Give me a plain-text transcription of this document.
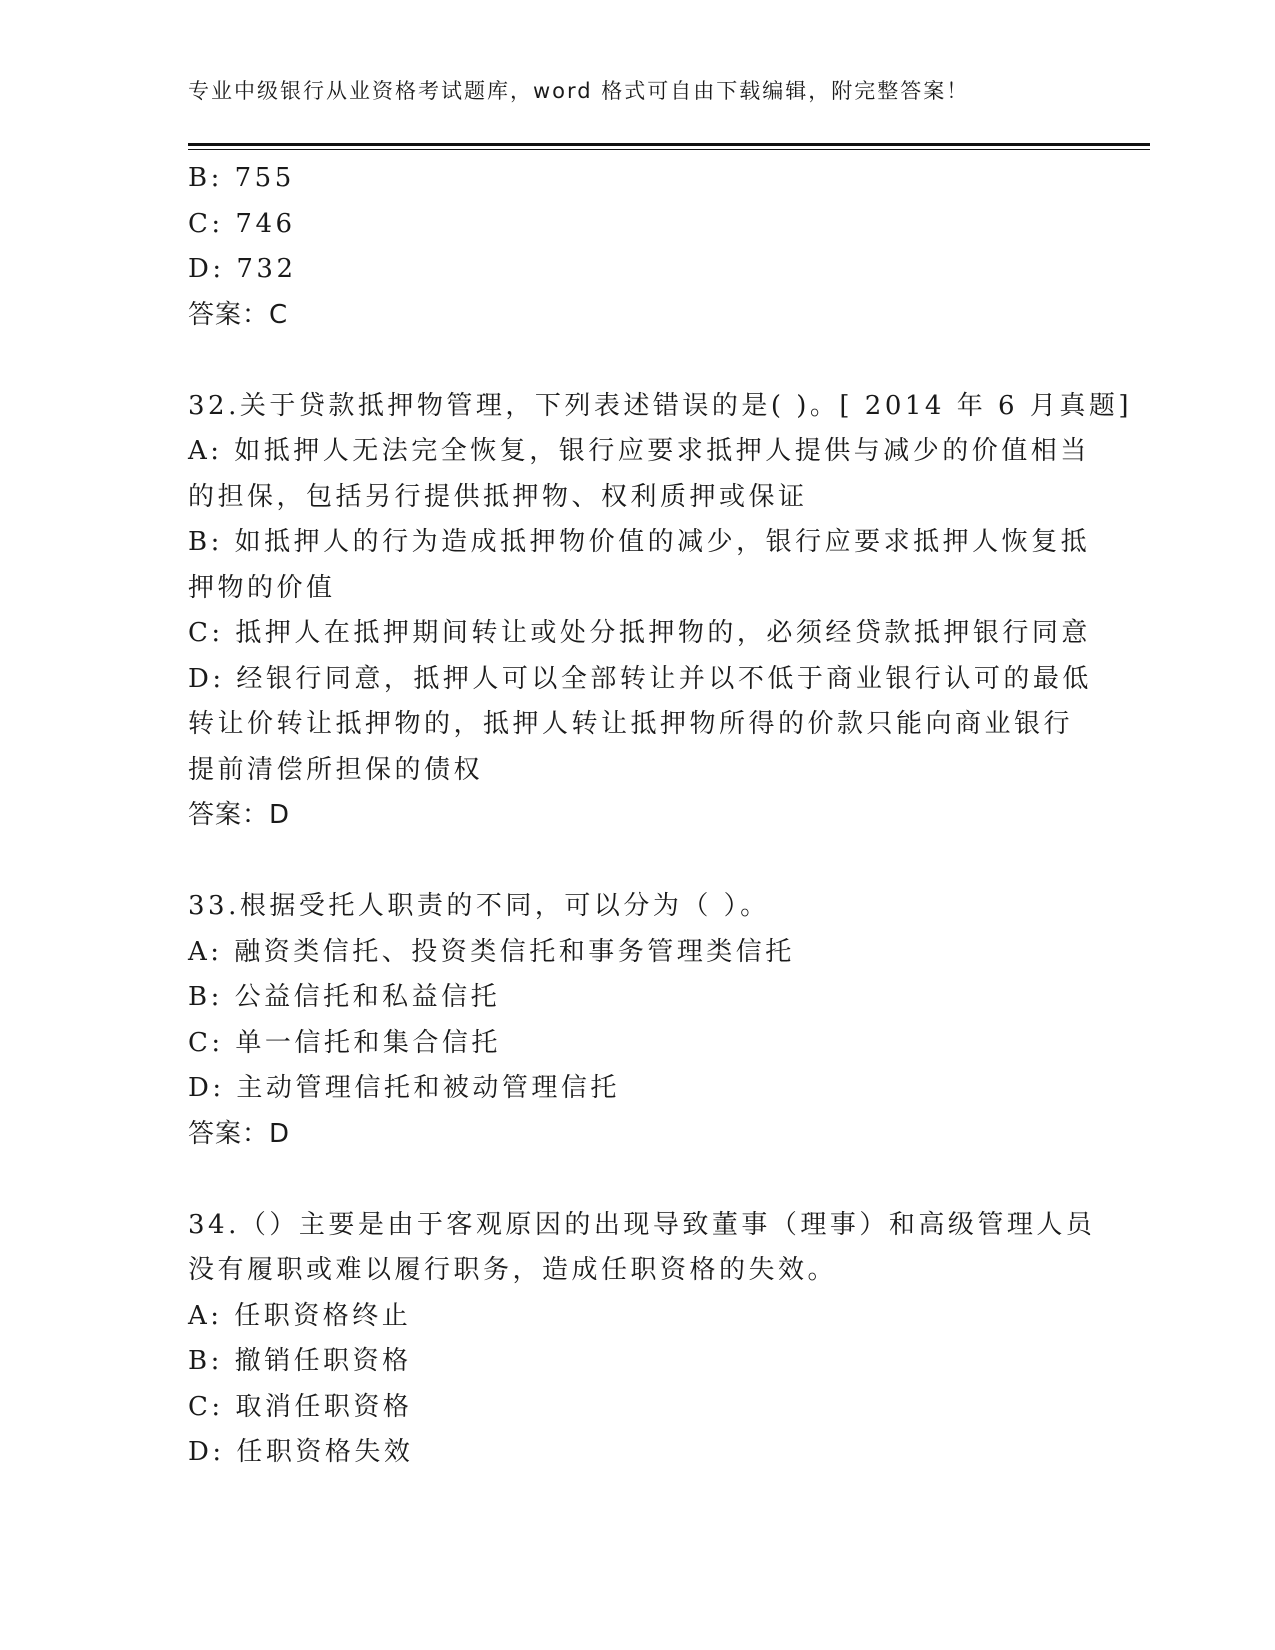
专业中级银行从业资格考试题库，word 格式可自由下载编辑，附完整答案！

B: 755

C: 746

D: 732

答案：C

32.关于贷款抵押物管理，下列表述错误的是( )。[ 2014 年 6 月真题]

A: 如抵押人无法完全恢复，银行应要求抵押人提供与减少的价值相当

的担保，包括另行提供抵押物、权利质押或保证

B: 如抵押人的行为造成抵押物价值的减少，银行应要求抵押人恢复抵

押物的价值

C: 抵押人在抵押期间转让或处分抵押物的，必须经贷款抵押银行同意

D: 经银行同意，抵押人可以全部转让并以不低于商业银行认可的最低

转让价转让抵押物的，抵押人转让抵押物所得的价款只能向商业银行

提前清偿所担保的债权

答案：D

33.根据受托人职责的不同，可以分为（ ）。

A: 融资类信托、投资类信托和事务管理类信托

B: 公益信托和私益信托

C: 单一信托和集合信托

D: 主动管理信托和被动管理信托

答案：D

34.（）主要是由于客观原因的出现导致董事（理事）和高级管理人员

没有履职或难以履行职务，造成任职资格的失效。

A: 任职资格终止

B: 撤销任职资格

C: 取消任职资格

D: 任职资格失效
